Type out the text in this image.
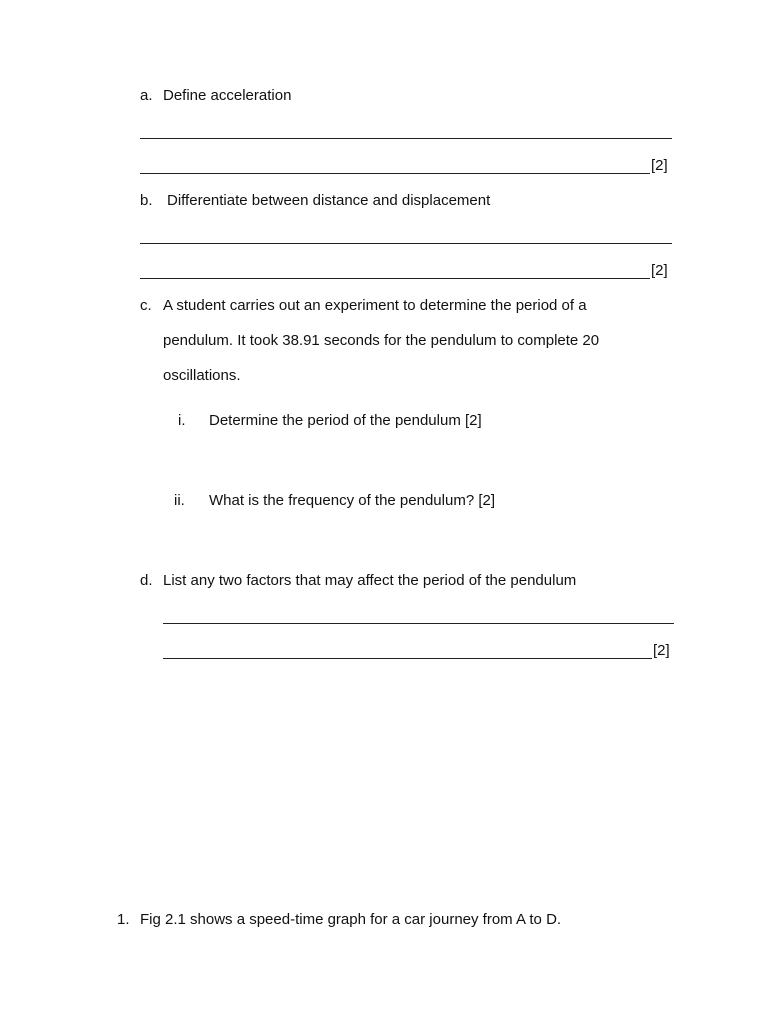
a. Define acceleration
[2]
b. Differentiate between distance and displacement
[2]
c. A student carries out an experiment to determine the period of a
pendulum. It took 38.91 seconds for the pendulum to complete 20
oscillations.
i. Determine the period of the pendulum [2]
ii. What is the frequency of the pendulum? [2]
d. List any two factors that may affect the period of the pendulum
[2]
1. Fig 2.1 shows a speed-time graph for a car journey from A to D.
